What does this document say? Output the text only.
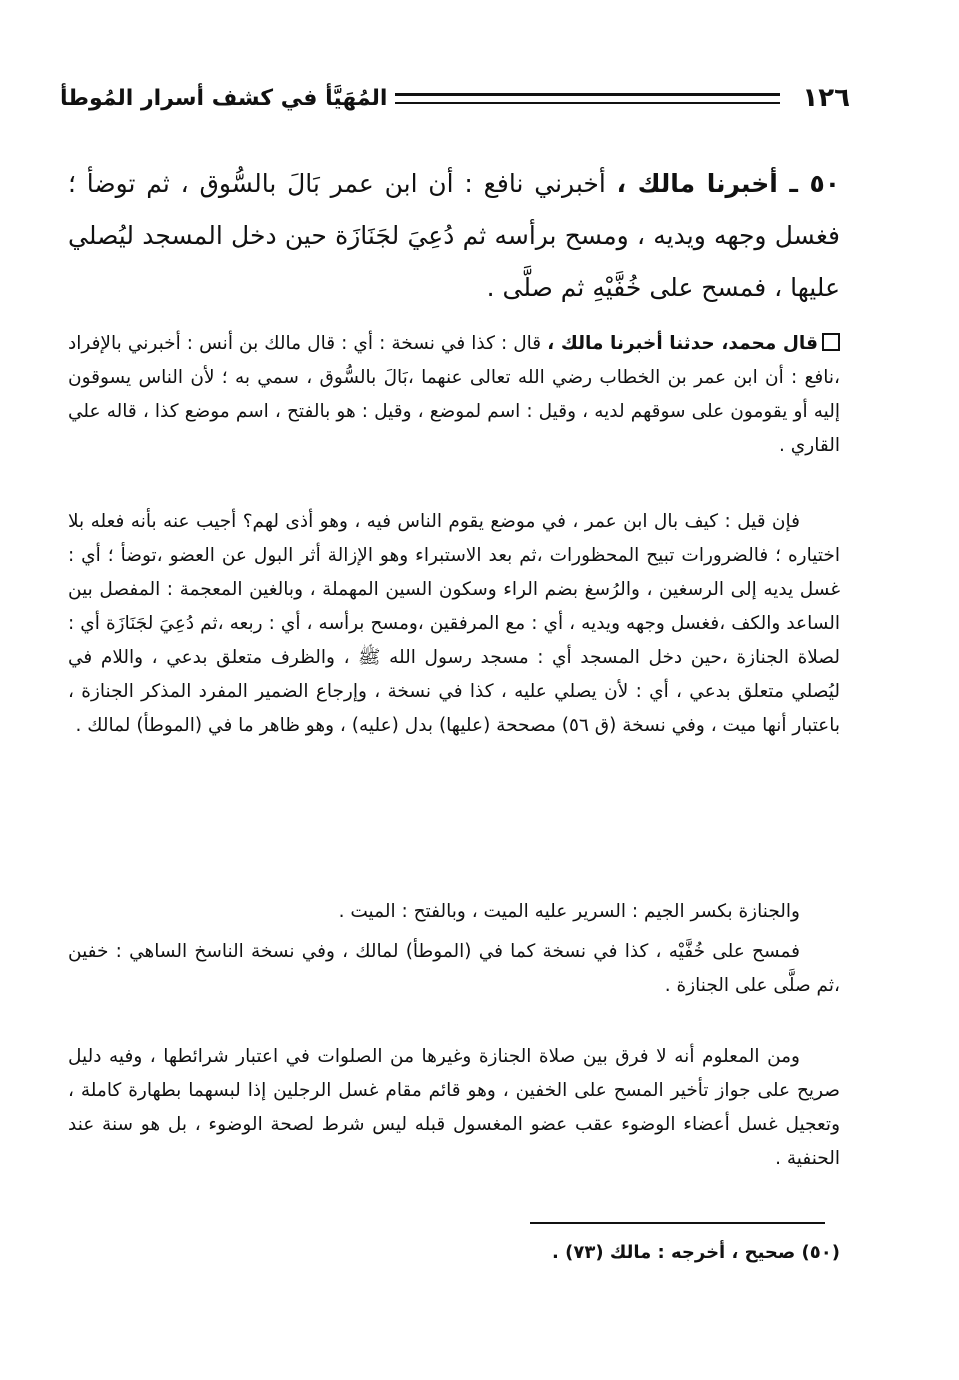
١٢٦
المُهَيَّأ في كشف أسرار المُوطأ
٥٠ ـ أخبرنا مالك ، أخبرني نافع : أن ابن عمر بَالَ بالسُّوق ، ثم توضأ ؛ فغسل وجهه ويديه ، ومسح برأسه ثم دُعِيَ لجَنَازَة حين دخل المسجد ليُصلي عليها ، فمسح على خُفَّيْهِ ثم صلَّى .
قال محمد، حدثنا أخبرنا مالك ، قال : كذا في نسخة : أي : قال مالك بن أنس : أخبرني بالإفراد ،نافع : أن ابن عمر بن الخطاب رضي الله تعالى عنهما ،بَالَ بالسُّوق ، سمي به ؛ لأن الناس يسوقون إليه أو يقومون على سوقهم لديه ، وقيل : اسم لموضع ، وقيل : هو بالفتح ، اسم موضع كذا ، قاله علي القاري .
فإن قيل : كيف بال ابن عمر ، في موضع يقوم الناس فيه ، وهو أذى لهم؟ أجيب عنه بأنه فعله بلا اختياره ؛ فالضرورات تبيح المحظورات ،ثم بعد الاستبراء وهو الإزالة أثر البول عن العضو ،توضأ ؛ أي : غسل يديه إلى الرسغين ، والرُسغ بضم الراء وسكون السين المهملة ، وبالغين المعجمة : المفصل بين الساعد والكف ،فغسل وجهه ويديه ، أي : مع المرفقين ،ومسح برأسه ، أي : ربعه ،ثم دُعِيَ لجَنَازَة أي : لصلاة الجنازة ،حين دخل المسجد أي : مسجد رسول الله ﷺ ، والظرف متعلق بدعي ، واللام في ليُصلي متعلق بدعي ، أي : لأن يصلي عليه ، كذا في نسخة ، وإرجاع الضمير المفرد المذكر الجنازة ، باعتبار أنها ميت ، وفي نسخة (ق ٥٦) مصححة (عليها) بدل (عليه) ، وهو ظاهر ما في (الموطأ) لمالك .
والجنازة بكسر الجيم : السرير عليه الميت ، وبالفتح : الميت .
فمسح على خُفَّيْه ، كذا في نسخة كما في (الموطأ) لمالك ، وفي نسخة الناسخ الساهي : خفين ،ثم صلَّى على الجنازة .
ومن المعلوم أنه لا فرق بين صلاة الجنازة وغيرها من الصلوات في اعتبار شرائطها ، وفيه دليل صريح على جواز تأخير المسح على الخفين ، وهو قائم مقام غسل الرجلين إذا لبسهما بطهارة كاملة ، وتعجيل غسل أعضاء الوضوء عقب عضو المغسول قبله ليس شرط لصحة الوضوء ، بل هو سنة عند الحنفية .
(٥٠) صحيح ، أخرجه : مالك (٧٣) .
